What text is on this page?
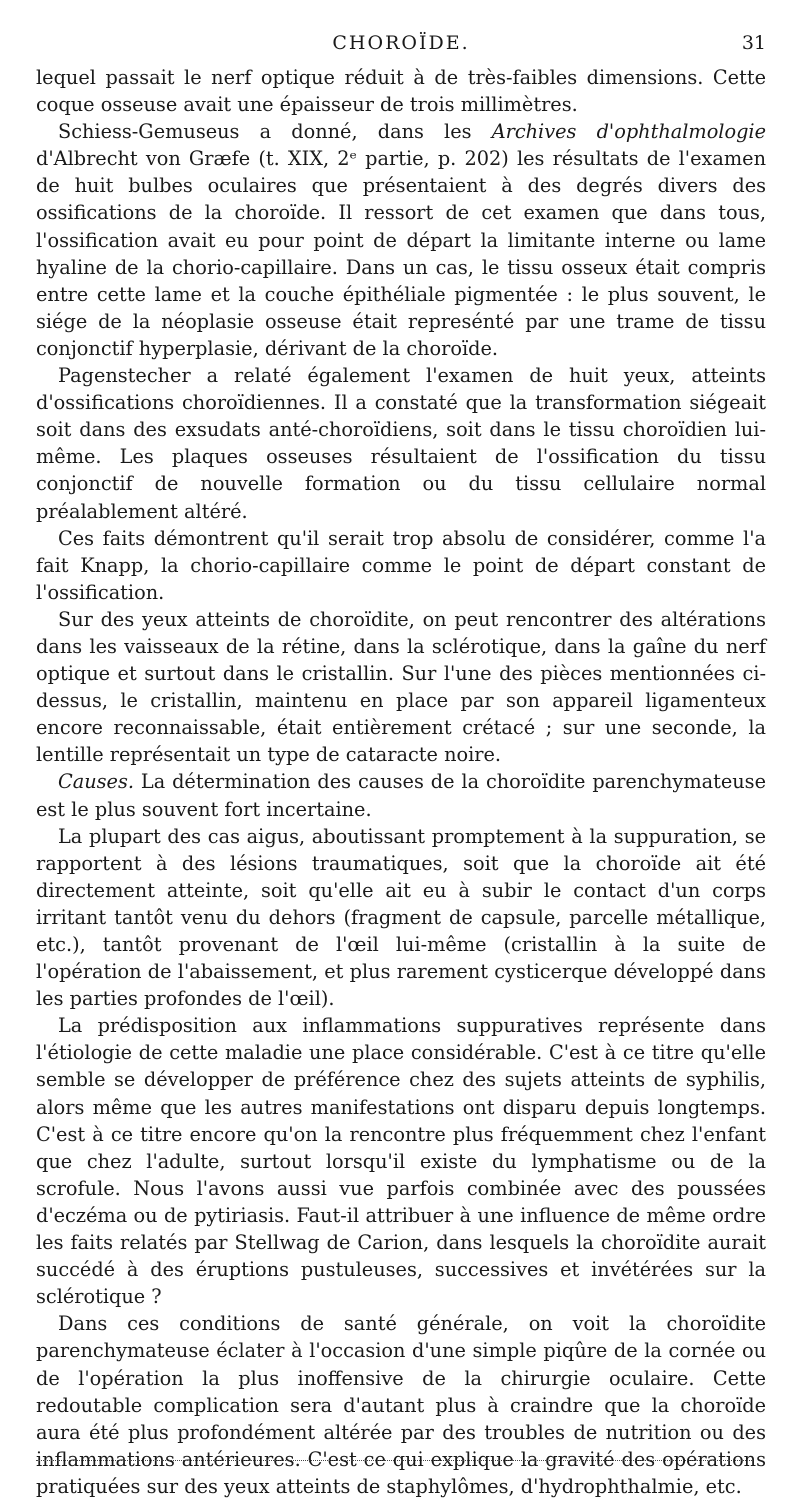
CHOROÏDE.	31

lequel passait le nerf optique réduit à de très-faibles dimensions. Cette coque osseuse avait une épaisseur de trois millimètres.

Schiess-Gemuseus a donné, dans les Archives d'ophthalmologie d'Albrecht von Græfe (t. XIX, 2ᵉ partie, p. 202) les résultats de l'examen de huit bulbes oculaires que présentaient à des degrés divers des ossifications de la choroïde. Il ressort de cet examen que dans tous, l'ossification avait eu pour point de départ la limitante interne ou lame hyaline de la chorio-capillaire. Dans un cas, le tissu osseux était compris entre cette lame et la couche épithéliale pigmentée : le plus souvent, le siége de la néoplasie osseuse était represénté par une trame de tissu conjonctif hyperplasie, dérivant de la choroïde.

Pagenstecher a relaté également l'examen de huit yeux, atteints d'ossifications choroïdiennes. Il a constaté que la transformation siégeait soit dans des exsudats anté-choroïdiens, soit dans le tissu choroïdien lui-même. Les plaques osseuses résultaient de l'ossification du tissu conjonctif de nouvelle formation ou du tissu cellulaire normal préalablement altéré.

Ces faits démontrent qu'il serait trop absolu de considérer, comme l'a fait Knapp, la chorio-capillaire comme le point de départ constant de l'ossification.

Sur des yeux atteints de choroïdite, on peut rencontrer des altérations dans les vaisseaux de la rétine, dans la sclérotique, dans la gaîne du nerf optique et surtout dans le cristallin. Sur l'une des pièces mentionnées ci-dessus, le cristallin, maintenu en place par son appareil ligamenteux encore reconnaissable, était entièrement crétacé ; sur une seconde, la lentille représentait un type de cataracte noire.

Causes. La détermination des causes de la choroïdite parenchymateuse est le plus souvent fort incertaine.

La plupart des cas aigus, aboutissant promptement à la suppuration, se rapportent à des lésions traumatiques, soit que la choroïde ait été directement atteinte, soit qu'elle ait eu à subir le contact d'un corps irritant tantôt venu du dehors (fragment de capsule, parcelle métallique, etc.), tantôt provenant de l'œil lui-même (cristallin à la suite de l'opération de l'abaissement, et plus rarement cysticerque développé dans les parties profondes de l'œil).

La prédisposition aux inflammations suppuratives représente dans l'étiologie de cette maladie une place considérable. C'est à ce titre qu'elle semble se développer de préférence chez des sujets atteints de syphilis, alors même que les autres manifestations ont disparu depuis longtemps. C'est à ce titre encore qu'on la rencontre plus fréquemment chez l'enfant que chez l'adulte, surtout lorsqu'il existe du lymphatisme ou de la scrofule. Nous l'avons aussi vue parfois combinée avec des poussées d'eczéma ou de pytiriasis. Faut-il attribuer à une influence de même ordre les faits relatés par Stellwag de Carion, dans lesquels la choroïdite aurait succédé à des éruptions pustuleuses, successives et invétérées sur la sclérotique ?

Dans ces conditions de santé générale, on voit la choroïdite parenchymateuse éclater à l'occasion d'une simple piqûre de la cornée ou de l'opération la plus inoffensive de la chirurgie oculaire. Cette redoutable complication sera d'autant plus à craindre que la choroïde aura été plus profondément altérée par des troubles de nutrition ou des inflammations antérieures. C'est ce qui explique la gravité des opérations pratiquées sur des yeux atteints de staphylômes, d'hydrophthalmie, etc.
